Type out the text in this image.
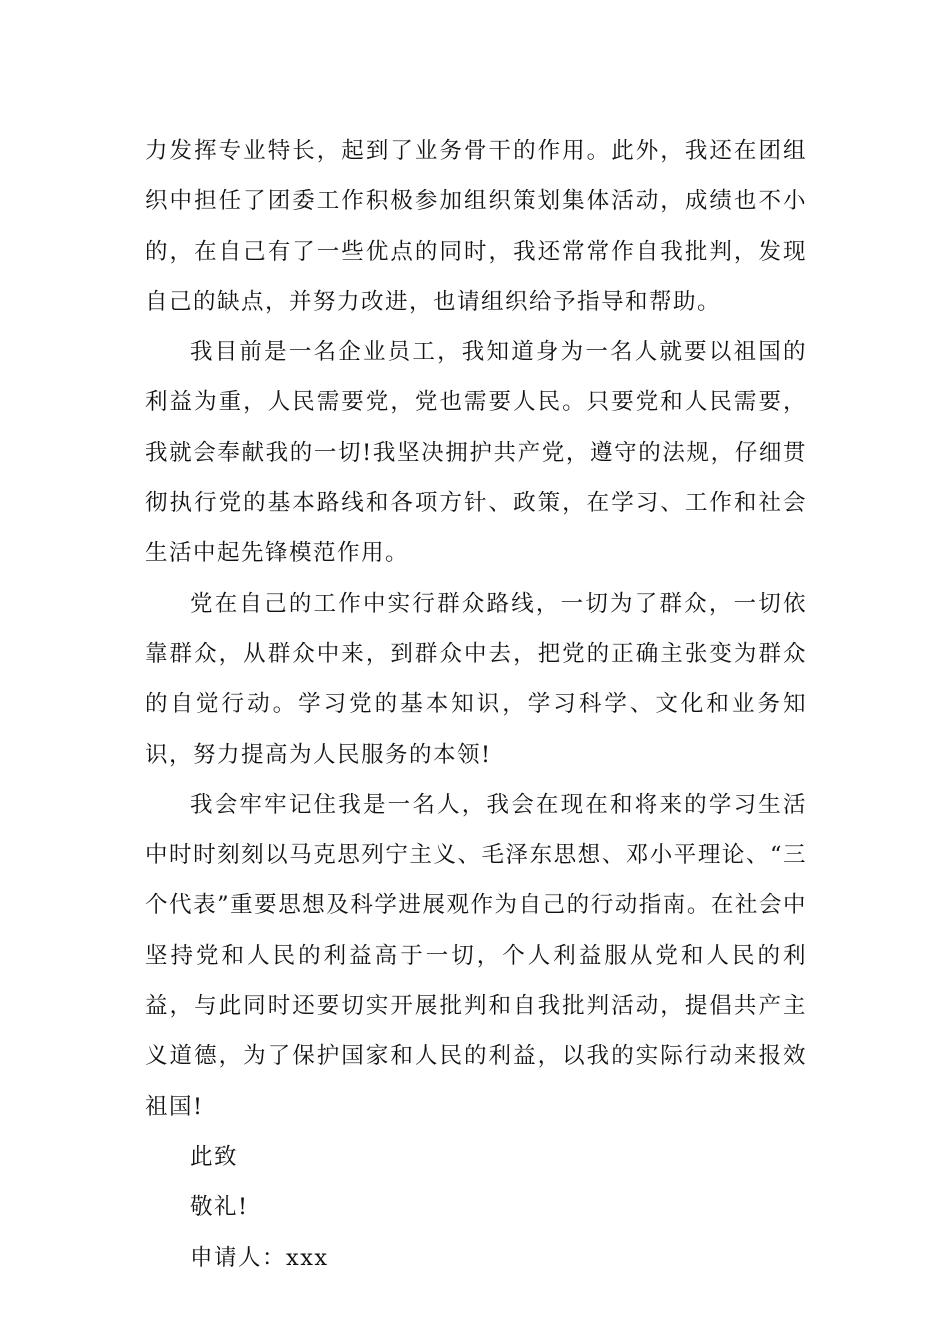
力发挥专业特长，起到了业务骨干的作用。此外，我还在团组织中担任了团委工作积极参加组织策划集体活动，成绩也不小的，在自己有了一些优点的同时，我还常常作自我批判，发现自己的缺点，并努力改进，也请组织给予指导和帮助。

我目前是一名企业员工，我知道身为一名人就要以祖国的利益为重，人民需要党，党也需要人民。只要党和人民需要，我就会奉献我的一切!我坚决拥护共产党，遵守的法规，仔细贯彻执行党的基本路线和各项方针、政策，在学习、工作和社会生活中起先锋模范作用。

党在自己的工作中实行群众路线，一切为了群众，一切依靠群众，从群众中来，到群众中去，把党的正确主张变为群众的自觉行动。学习党的基本知识，学习科学、文化和业务知识，努力提高为人民服务的本领!

我会牢牢记住我是一名人，我会在现在和将来的学习生活中时时刻刻以马克思列宁主义、毛泽东思想、邓小平理论、“三个代表”重要思想及科学进展观作为自己的行动指南。在社会中坚持党和人民的利益高于一切，个人利益服从党和人民的利益，与此同时还要切实开展批判和自我批判活动，提倡共产主义道德，为了保护国家和人民的利益，以我的实际行动来报效祖国!

此致

敬礼!

申请人：xxx
